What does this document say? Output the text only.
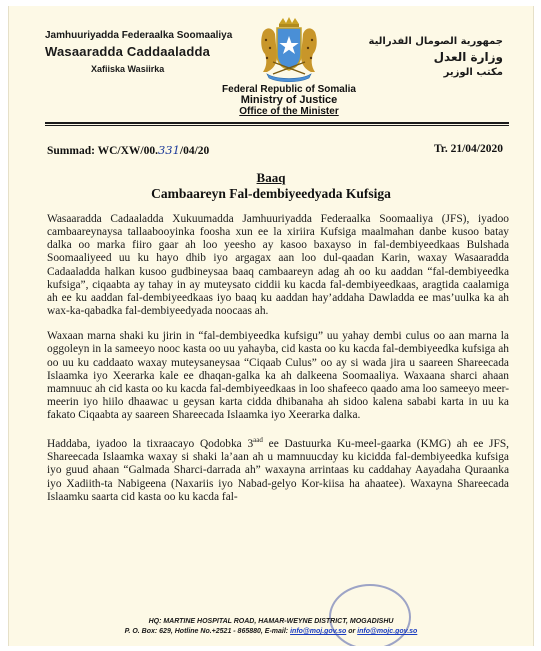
Jamhuuriyadda Federaalka Soomaaliya
Wasaaradda Caddaaladda
Xafiiska Wasiirka
جمهورية الصومال الفدرالية
وزارة العدل
مكتب الوزير
Federal Republic of Somalia
Ministry of Justice
Office of the Minister
Summad: WC/XW/00.331/04/20	Tr. 21/04/2020
Baaq
Cambaareyn Fal-dembiyeedyada Kufsiga

Wasaaradda Cadaaladda Xukuumadda Jamhuuriyadda Federaalka Soomaaliya (JFS), iyadoo cambaareynaysa tallaabooyinka foosha xun ee la xiriira Kufsiga maalmahan danbe kusoo batay dalka oo marka fiiro gaar ah loo yeesho ay kasoo baxayso in fal-dembiyeedkaas Bulshada Soomaaliyeed uu ku hayo dhib iyo argagax aan loo dul-qaadan Karin, waxay Wasaaradda Cadaaladda halkan kusoo gudbineysaa baaq cambaareyn adag ah oo ku aaddan “fal-dembiyeedka kufsiga”, ciqaabta ay tahay in ay muteysato ciddii ku kacda fal-dembiyeedkaas, aragtida caalamiga ah ee ku aaddan fal-dembiyeedkaas iyo baaq ku aaddan hay’addaha Dawladda ee mas’uulka ka ah wax-ka-qabadka fal-dembiyeedyada noocaas ah.

Waxaan marna shaki ku jirin in “fal-dembiyeedka kufsigu” uu yahay dembi culus oo aan marna la oggoleyn in la sameeyo nooc kasta oo uu yahayba, cid kasta oo ku kacda fal-dembiyeedka kufsiga ah oo uu ku caddaato waxay muteysaneysaa “Ciqaab Culus” oo ay si wada jira u saareen Shareecada Islaamka iyo Xeerarka kale ee dhaqan-galka ka ah dalkeena Soomaaliya. Waxaana sharci ahaan mamnuuc ah cid kasta oo ku kacda fal-dembiyeedkaas in loo shafeeco qaado ama loo sameeyo meer-meerin iyo hiilo dhaawac u geysan karta cidda dhibanaha ah sidoo kalena sababi karta in uu ka fakato Ciqaabta ay saareen Shareecada Islaamka iyo Xeerarka dalka.

Haddaba, iyadoo la tixraacayo Qodobka $3^{aad}$ ee Dastuurka Ku-meel-gaarka (KMG) ah ee JFS, Shareecada Islaamka waxay si shaki la’aan ah u mamnuucday ku kicidda fal-dembiyeedka kufsiga iyo guud ahaan “Galmada Sharci-darrada ah” waxayna arrintaas ku caddahay Aayadaha Quraanka iyo Xadiith-ta Nabigeena (Naxariis iyo Nabad-gelyo Kor-kiisa ha ahaatee). Waxayna Shareecada Islaamku saarta cid kasta oo ku kacda fal-

HQ: MARTINE HOSPITAL ROAD, HAMAR-WEYNE DISTRICT, MOGADISHU
P. O. Box: 629, Hotline No.+2521 - 865880, E-mail: info@moj.gov.so or info@mojc.gov.so
